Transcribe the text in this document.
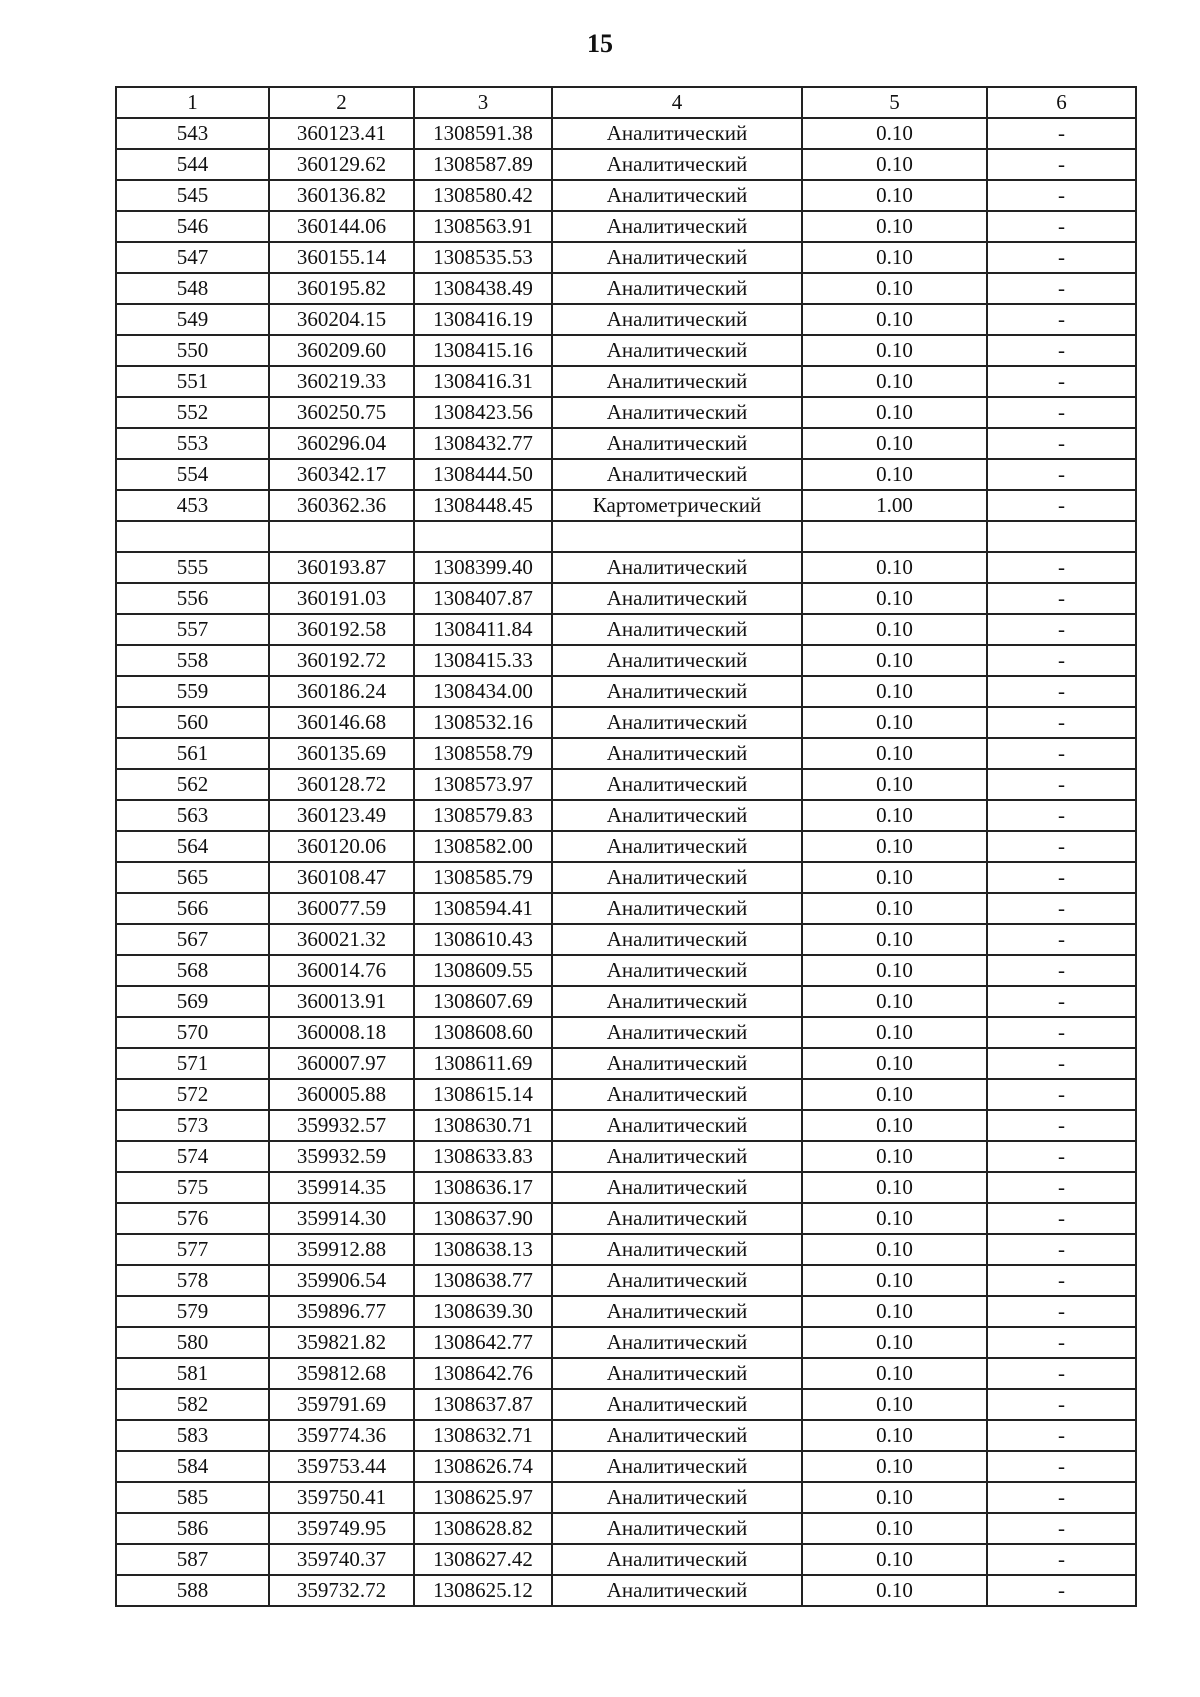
15
1	2	3	4	5	6
543	360123.41	1308591.38	Аналитический	0.10	-
544	360129.62	1308587.89	Аналитический	0.10	-
545	360136.82	1308580.42	Аналитический	0.10	-
546	360144.06	1308563.91	Аналитический	0.10	-
547	360155.14	1308535.53	Аналитический	0.10	-
548	360195.82	1308438.49	Аналитический	0.10	-
549	360204.15	1308416.19	Аналитический	0.10	-
550	360209.60	1308415.16	Аналитический	0.10	-
551	360219.33	1308416.31	Аналитический	0.10	-
552	360250.75	1308423.56	Аналитический	0.10	-
553	360296.04	1308432.77	Аналитический	0.10	-
554	360342.17	1308444.50	Аналитический	0.10	-
453	360362.36	1308448.45	Картометрический	1.00	-

555	360193.87	1308399.40	Аналитический	0.10	-
556	360191.03	1308407.87	Аналитический	0.10	-
557	360192.58	1308411.84	Аналитический	0.10	-
558	360192.72	1308415.33	Аналитический	0.10	-
559	360186.24	1308434.00	Аналитический	0.10	-
560	360146.68	1308532.16	Аналитический	0.10	-
561	360135.69	1308558.79	Аналитический	0.10	-
562	360128.72	1308573.97	Аналитический	0.10	-
563	360123.49	1308579.83	Аналитический	0.10	-
564	360120.06	1308582.00	Аналитический	0.10	-
565	360108.47	1308585.79	Аналитический	0.10	-
566	360077.59	1308594.41	Аналитический	0.10	-
567	360021.32	1308610.43	Аналитический	0.10	-
568	360014.76	1308609.55	Аналитический	0.10	-
569	360013.91	1308607.69	Аналитический	0.10	-
570	360008.18	1308608.60	Аналитический	0.10	-
571	360007.97	1308611.69	Аналитический	0.10	-
572	360005.88	1308615.14	Аналитический	0.10	-
573	359932.57	1308630.71	Аналитический	0.10	-
574	359932.59	1308633.83	Аналитический	0.10	-
575	359914.35	1308636.17	Аналитический	0.10	-
576	359914.30	1308637.90	Аналитический	0.10	-
577	359912.88	1308638.13	Аналитический	0.10	-
578	359906.54	1308638.77	Аналитический	0.10	-
579	359896.77	1308639.30	Аналитический	0.10	-
580	359821.82	1308642.77	Аналитический	0.10	-
581	359812.68	1308642.76	Аналитический	0.10	-
582	359791.69	1308637.87	Аналитический	0.10	-
583	359774.36	1308632.71	Аналитический	0.10	-
584	359753.44	1308626.74	Аналитический	0.10	-
585	359750.41	1308625.97	Аналитический	0.10	-
586	359749.95	1308628.82	Аналитический	0.10	-
587	359740.37	1308627.42	Аналитический	0.10	-
588	359732.72	1308625.12	Аналитический	0.10	-
